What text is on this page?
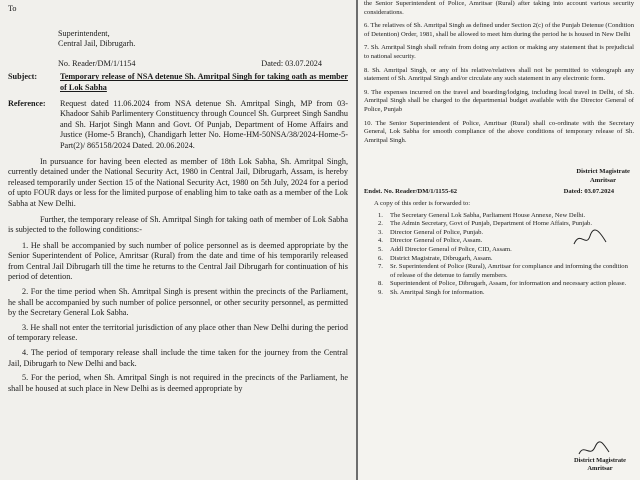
To

Superintendent,

Central Jail, Dibrugarh.

No. Reader/DM/1/1154	Dated: 03.07.2024
Subject:	Temporary release of NSA detenue Sh. Amritpal Singh for taking oath as member of Lok Sabha
Reference:	Request dated 11.06.2024 from NSA detenue Sh. Amritpal Singh, MP from 03-Khadoor Sahib Parlimentery Constituency through Councel Sh. Gurpreet Singh Sandhu and Sh. Harjot Singh Mann and Govt. Of Punjab, Department of Home Affairs and Justice (Home-5 Branch), Chandigarh letter No. Home-HM-50NSA/38/2024-Home-5-Part(2)/ 865158/2024 Dated. 20.06.2024.

In pursuance for having been elected as member of 18th Lok Sabha, Sh. Amritpal Singh, currently detained under the National Security Act, 1980 in Central Jail, Dibrugarh, Assam, is hereby released temporarily under Section 15 of the National Security Act, 1980 on 5th July, 2024 for a period of upto FOUR days or less for the limited purpose of enabling him to take oath as a member of the Lok Sabha at New Delhi.

Further, the temporary release of Sh. Amritpal Singh for taking oath of member of Lok Sabha is subjected to the following conditions:-

1. He shall be accompanied by such number of police personnel as is deemed appropriate by the Senior Superintendent of Police, Amritsar (Rural) from the date and time of his temporarily released from Central Jail Dibrugarh till the time he returns to the Central Jail Dibrugarh for continuation of his period of detention.

2. For the time period when Sh. Amritpal Singh is present within the precincts of the Parliament, he shall be accompanied by such number of police personnel, or other security personnel, as permitted by the Secretary General Lok Sabha.

3. He shall not enter the territorial jurisdiction of any place other than New Delhi during the period of temporary release.

4. The period of temporary release shall include the time taken for the journey from the Central Jail, Dibrugarh to New Delhi and back.

5. For the period, when Sh. Amritpal Singh is not required in the precincts of the Parliament, he shall be housed at such place in New Delhi as is deemed appropriate by

the Senior Superintendent of Police, Amritsar (Rural) after taking into account various security considerations.

6. The relatives of Sh. Amritpal Singh as defined under Section 2(c) of the Punjab Detenue (Condition of Detention) Order, 1981, shall be allowed to meet him during the period he is housed in New Delhi

7. Sh. Amritpal Singh shall refrain from doing any action or making any statement that is prejudicial to national security.

8. Sh. Amritpal Singh, or any of his relative/relatives shall not be permitted to videograph any statement of Sh. Amritpal Singh and/or circulate any such statement in any electronic form.

9. The expenses incurred on the travel and boarding/lodging, including local travel in Delhi, of Sh. Amritpal Singh shall be charged to the departmental budget available with the Director General of Police, Punjab

10. The Senior Superintendent of Police, Amritsar (Rural) shall co-ordinate with the Secretary General, Lok Sabha for smooth compliance of the above conditions of temporary release of Sh. Amritpal Singh.

District Magistrate

Amritsar

Endst. No. Reader/DM/1/1155-62	Dated: 03.07.2024

A copy of this order is forwarded to:

1.	The Secretary General Lok Sabha, Parliament House Annexe, New Delhi.
2.	The Admin Secretary, Govt of Punjab, Department of Home Affairs, Punjab.
3.	Director General of Police, Punjab.
4.	Director General of Police, Assam.
5.	Addl Director General of Police, CID, Assam.
6.	District Magistrate, Dibrugarh, Assam.
7.	Sr. Superintendent of Police (Rural), Amritsar for compliance and informing the condition of release of the detenue to family members.
8.	Superintendent of Police, Dibrugarh, Assam, for information and necessary action please.
9.	Sh. Amritpal Singh for information.

District Magistrate

Amritsar
